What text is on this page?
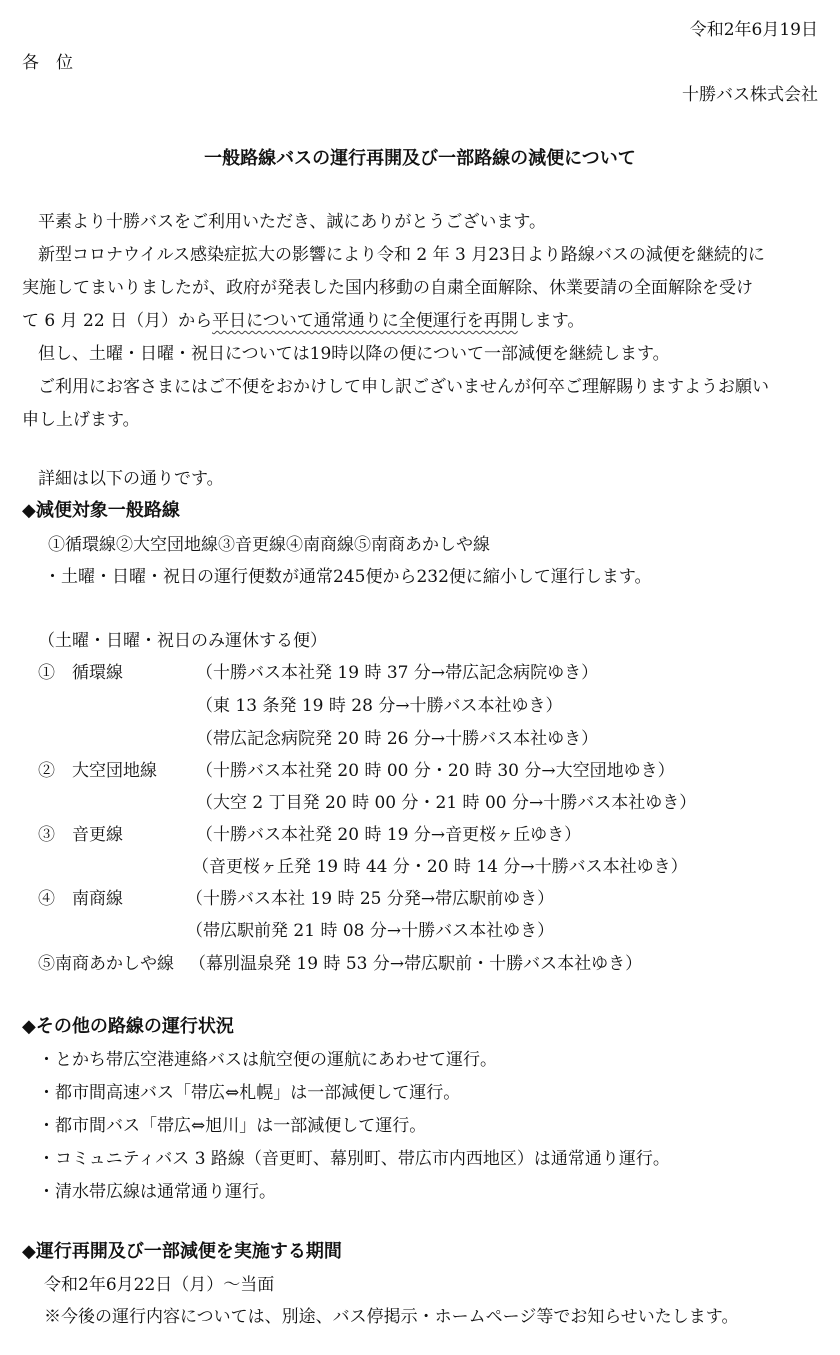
令和2年6月19日
各　位
十勝バス株式会社
一般路線バスの運行再開及び一部路線の減便について
平素より十勝バスをご利用いただき、誠にありがとうございます。
新型コロナウイルス感染症拡大の影響により令和 2 年 3 月23日より路線バスの減便を継続的に
実施してまいりましたが、政府が発表した国内移動の自粛全面解除、休業要請の全面解除を受け
て 6 月 22 日（月）から平日について通常通りに全便運行を再開します。
但し、土曜・日曜・祝日については19時以降の便について一部減便を継続します。
ご利用にお客さまにはご不便をおかけして申し訳ございませんが何卒ご理解賜りますようお願い
申し上げます。
詳細は以下の通りです。
◆減便対象一般路線
①循環線②大空団地線③音更線④南商線⑤南商あかしや線
・土曜・日曜・祝日の運行便数が通常245便から232便に縮小して運行します。
（土曜・日曜・祝日のみ運休する便）
①　循環線	（十勝バス本社発 19 時 37 分→帯広記念病院ゆき）
（東 13 条発 19 時 28 分→十勝バス本社ゆき）
（帯広記念病院発 20 時 26 分→十勝バス本社ゆき）
②　大空団地線 （十勝バス本社発 20 時 00 分・20 時 30 分→大空団地ゆき）
（大空 2 丁目発 20 時 00 分・21 時 00 分→十勝バス本社ゆき）
③　音更線	（十勝バス本社発 20 時 19 分→音更桜ヶ丘ゆき）
（音更桜ヶ丘発 19 時 44 分・20 時 14 分→十勝バス本社ゆき）
④　南商線	（十勝バス本社 19 時 25 分発→帯広駅前ゆき）
（帯広駅前発 21 時 08 分→十勝バス本社ゆき）
⑤南商あかしや線 （幕別温泉発 19 時 53 分→帯広駅前・十勝バス本社ゆき）
◆その他の路線の運行状況
・とかち帯広空港連絡バスは航空便の運航にあわせて運行。
・都市間高速バス「帯広⇔札幌」は一部減便して運行。
・都市間バス「帯広⇔旭川」は一部減便して運行。
・コミュニティバス 3 路線（音更町、幕別町、帯広市内西地区）は通常通り運行。
・清水帯広線は通常通り運行。
◆運行再開及び一部減便を実施する期間
令和2年6月22日（月）～当面
※今後の運行内容については、別途、バス停掲示・ホームページ等でお知らせいたします。
